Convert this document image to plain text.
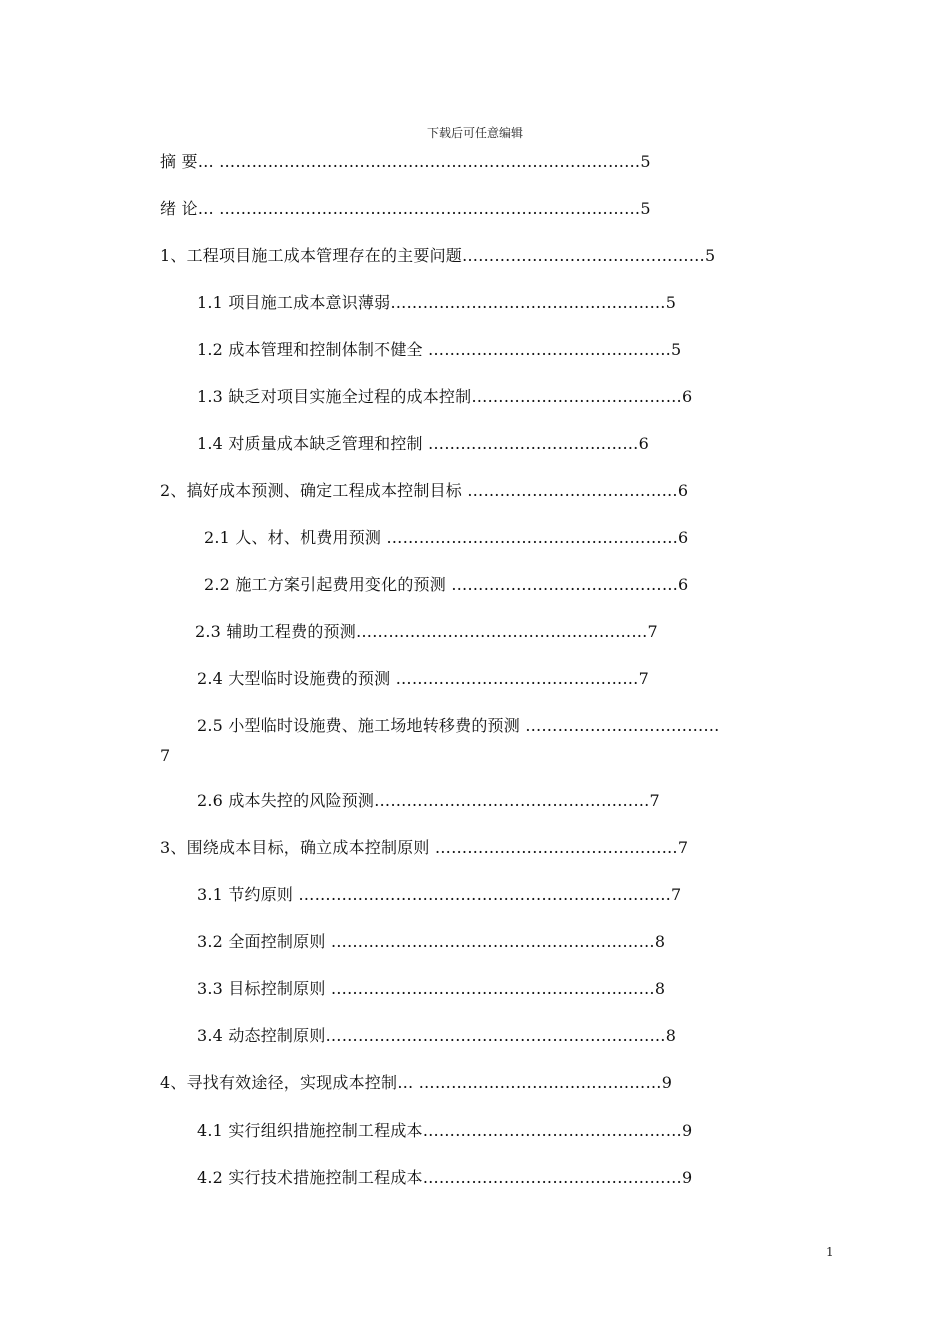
下载后可任意编辑
摘 要… ……………………………………………………………………5
绪 论… ……………………………………………………………………5
1、工程项目施工成本管理存在的主要问题………………………………………5
1.1 项目施工成本意识薄弱……………………………………………5
1.2 成本管理和控制体制不健全 ………………………………………5
1.3 缺乏对项目实施全过程的成本控制…………………………………6
1.4 对质量成本缺乏管理和控制 …………………………………6
2、搞好成本预测、确定工程成本控制目标 …………………………………6
2.1 人、材、机费用预测 ………………………………………………6
2.2 施工方案引起费用变化的预测 ……………………………………6
2.3 辅助工程费的预测………………………………………………7
2.4 大型临时设施费的预测 ………………………………………7
2.5 小型临时设施费、施工场地转移费的预测 ………………………………
7
2.6 成本失控的风险预测……………………………………………7
3、围绕成本目标，确立成本控制原则 ………………………………………7
3.1 节约原则 ……………………………………………………………7
3.2 全面控制原则 ……………………………………………………8
3.3 目标控制原则 ……………………………………………………8
3.4 动态控制原则………………………………………………………8
4、寻找有效途径，实现成本控制… ………………………………………9
4.1 实行组织措施控制工程成本…………………………………………9
4.2 实行技术措施控制工程成本…………………………………………9
1
